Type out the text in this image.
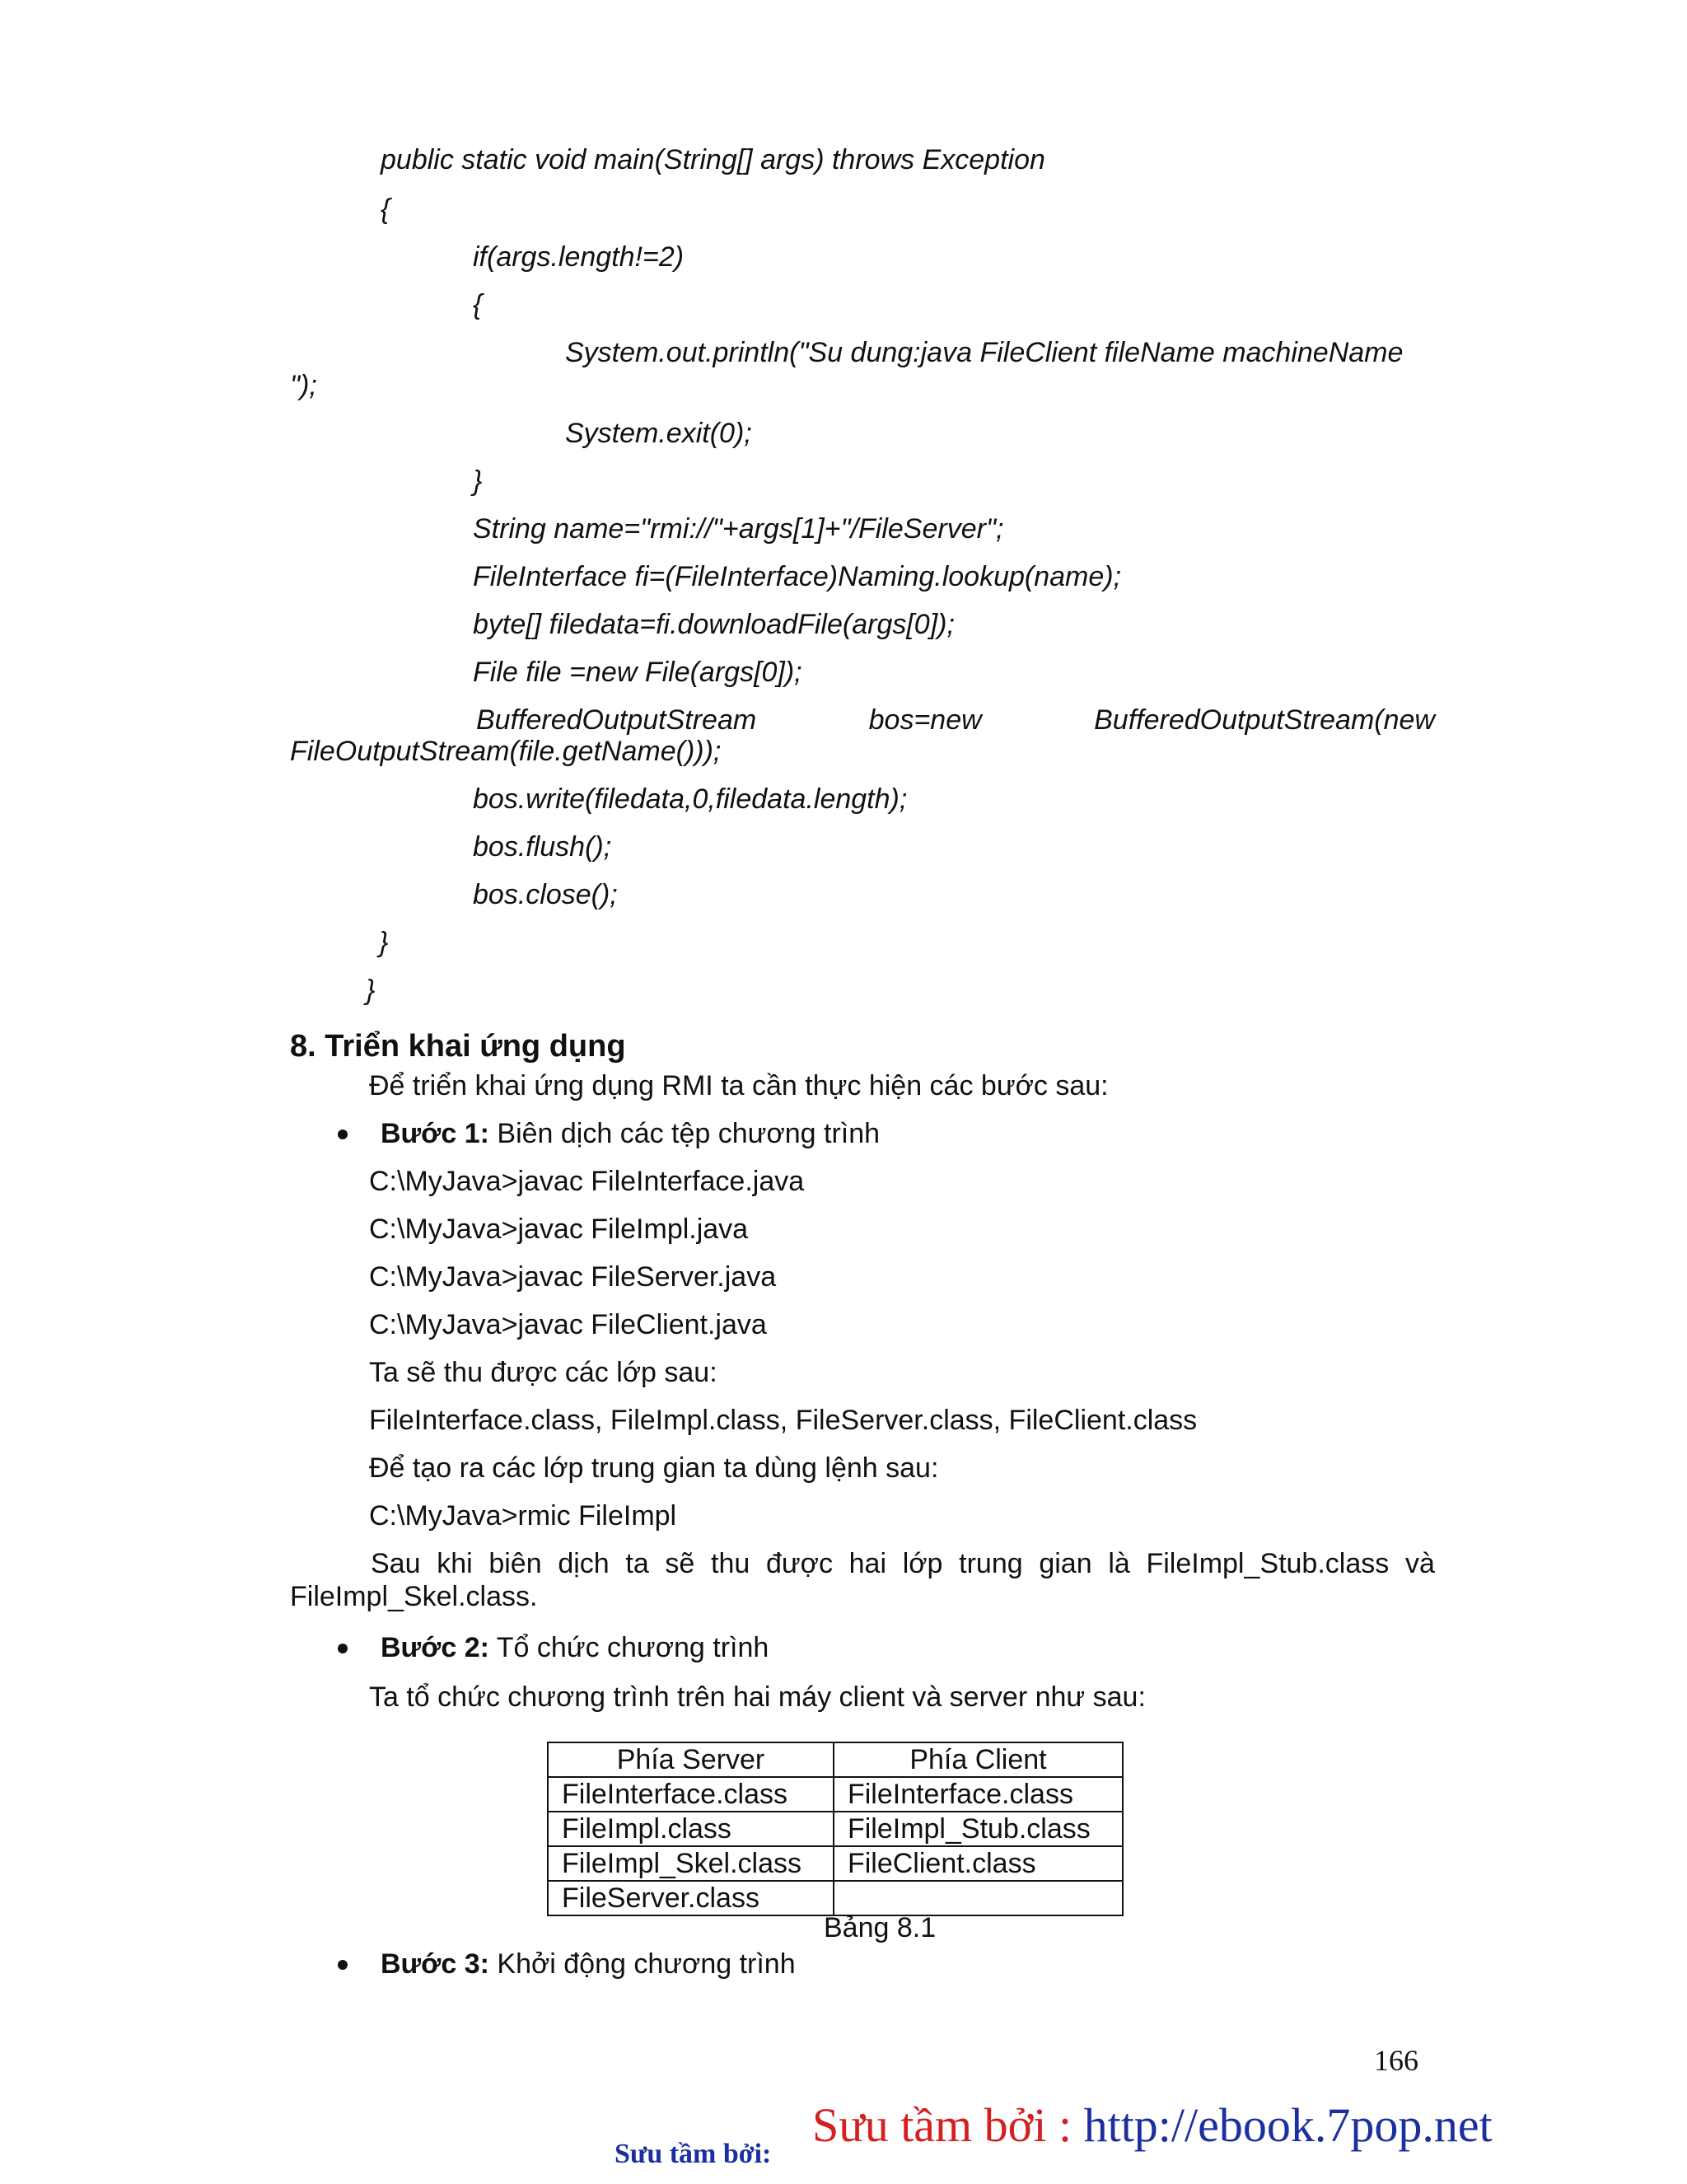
public static void main(String[] args) throws Exception
{
if(args.length!=2)
{
System.out.println("Su dung:java FileClient fileName machineName
");
System.exit(0);
}
String name="rmi://"+args[1]+"/FileServer";
FileInterface fi=(FileInterface)Naming.lookup(name);
byte[] filedata=fi.downloadFile(args[0]);
File file =new File(args[0]);
BufferedOutputStream	bos=new	BufferedOutputStream(new
FileOutputStream(file.getName()));
bos.write(filedata,0,filedata.length);
bos.flush();
bos.close();
}
}
8. Triển khai ứng dụng
Để triển khai ứng dụng RMI ta cần thực hiện các bước sau:
Bước 1: Biên dịch các tệp chương trình
C:\MyJava>javac FileInterface.java
C:\MyJava>javac FileImpl.java
C:\MyJava>javac FileServer.java
C:\MyJava>javac FileClient.java
Ta sẽ thu được các lớp sau:
FileInterface.class, FileImpl.class, FileServer.class, FileClient.class
Để tạo ra các lớp trung gian ta dùng lệnh sau:
C:\MyJava>rmic FileImpl
Sau khi biên dịch ta sẽ thu được hai lớp trung gian là FileImpl_Stub.class và
FileImpl_Skel.class.
Bước 2: Tổ chức chương trình
Ta tổ chức chương trình trên hai máy client và server như sau:
Phía Server	Phía Client
FileInterface.class	FileInterface.class
FileImpl.class	FileImpl_Stub.class
FileImpl_Skel.class	FileClient.class
FileServer.class	
Bảng 8.1
Bước 3: Khởi động chương trình
166
Sưu tầm bởi:
Sưu tầm bởi : http://ebook.7pop.net
